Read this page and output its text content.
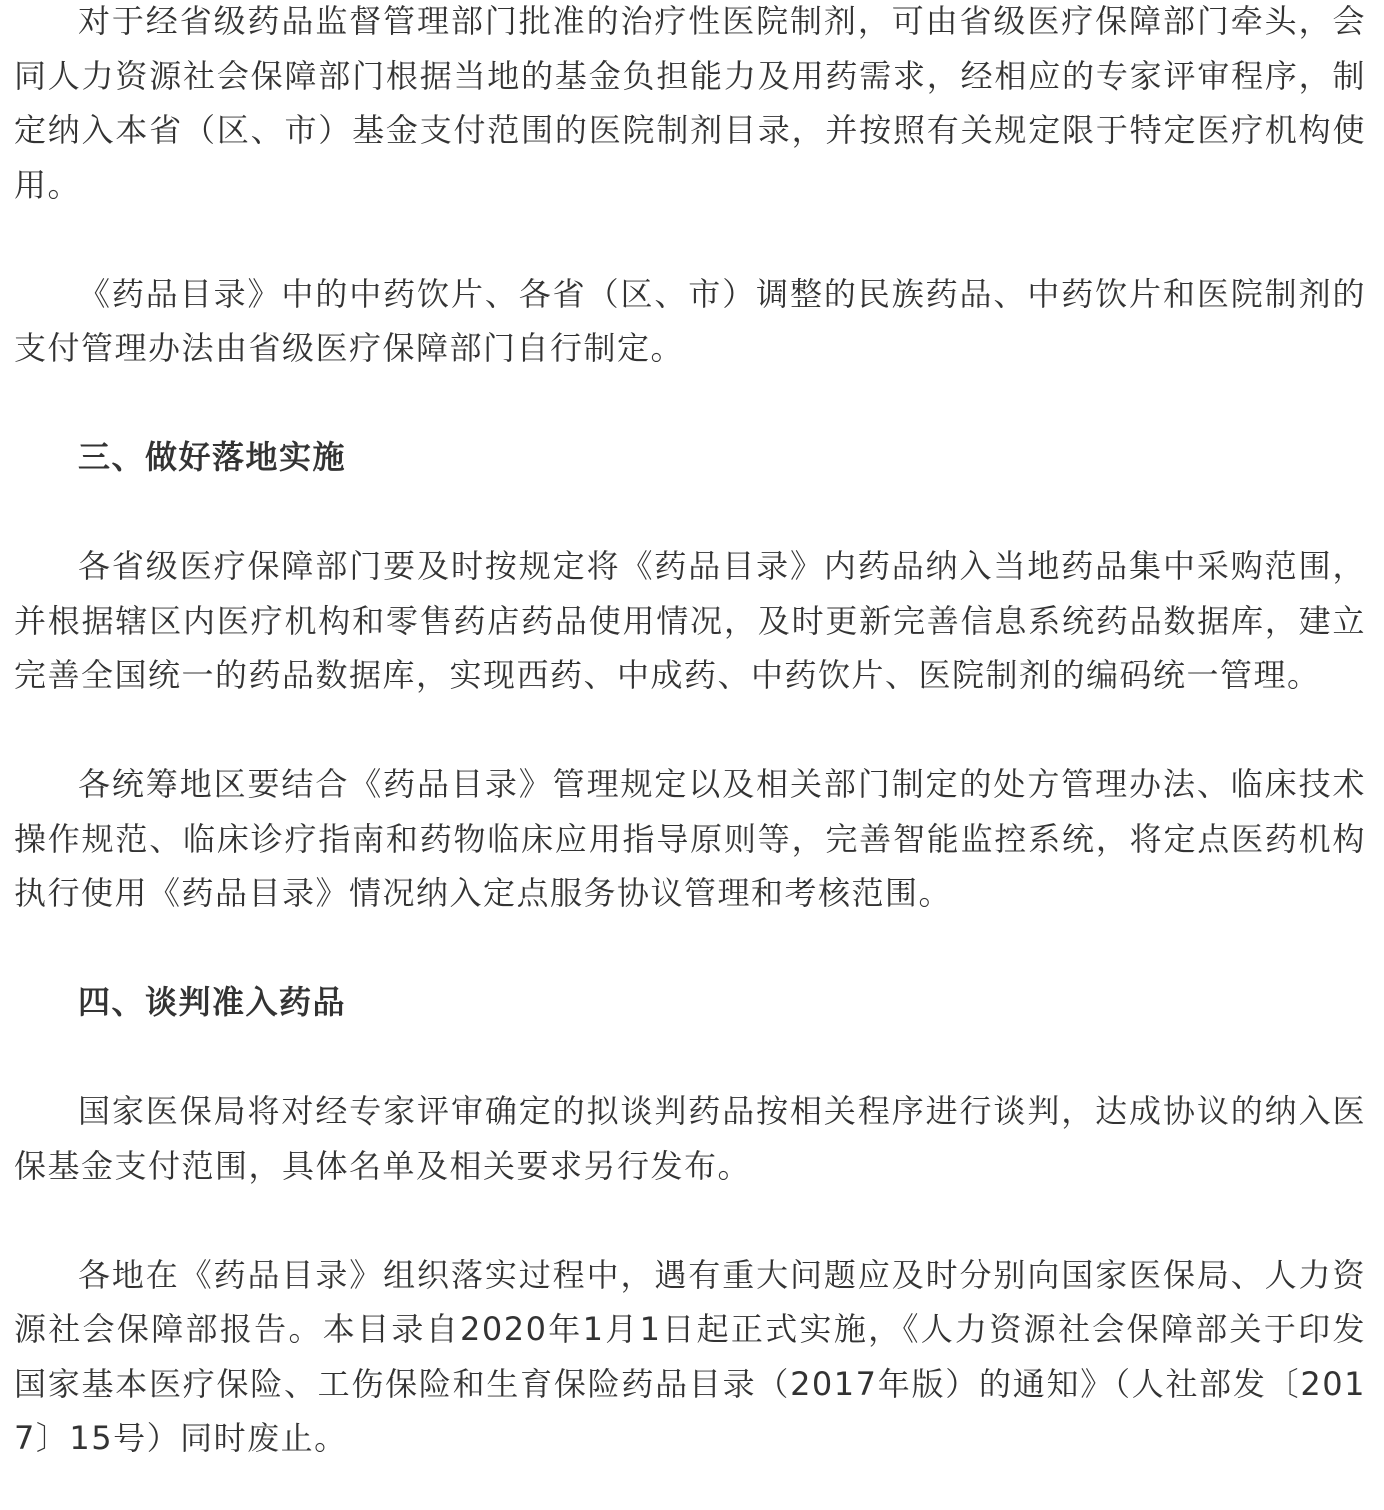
对于经省级药品监督管理部门批准的治疗性医院制剂，可由省级医疗保障部门牵头，会同人力资源社会保障部门根据当地的基金负担能力及用药需求，经相应的专家评审程序，制定纳入本省（区、市）基金支付范围的医院制剂目录，并按照有关规定限于特定医疗机构使用。

《药品目录》中的中药饮片、各省（区、市）调整的民族药品、中药饮片和医院制剂的支付管理办法由省级医疗保障部门自行制定。

三、做好落地实施

各省级医疗保障部门要及时按规定将《药品目录》内药品纳入当地药品集中采购范围，并根据辖区内医疗机构和零售药店药品使用情况，及时更新完善信息系统药品数据库，建立完善全国统一的药品数据库，实现西药、中成药、中药饮片、医院制剂的编码统一管理。

各统筹地区要结合《药品目录》管理规定以及相关部门制定的处方管理办法、临床技术操作规范、临床诊疗指南和药物临床应用指导原则等，完善智能监控系统，将定点医药机构执行使用《药品目录》情况纳入定点服务协议管理和考核范围。

四、谈判准入药品

国家医保局将对经专家评审确定的拟谈判药品按相关程序进行谈判，达成协议的纳入医保基金支付范围，具体名单及相关要求另行发布。

各地在《药品目录》组织落实过程中，遇有重大问题应及时分别向国家医保局、人力资源社会保障部报告。本目录自2020年1月1日起正式实施，《人力资源社会保障部关于印发国家基本医疗保险、工伤保险和生育保险药品目录（2017年版）的通知》（人社部发〔2017〕15号）同时废止。
